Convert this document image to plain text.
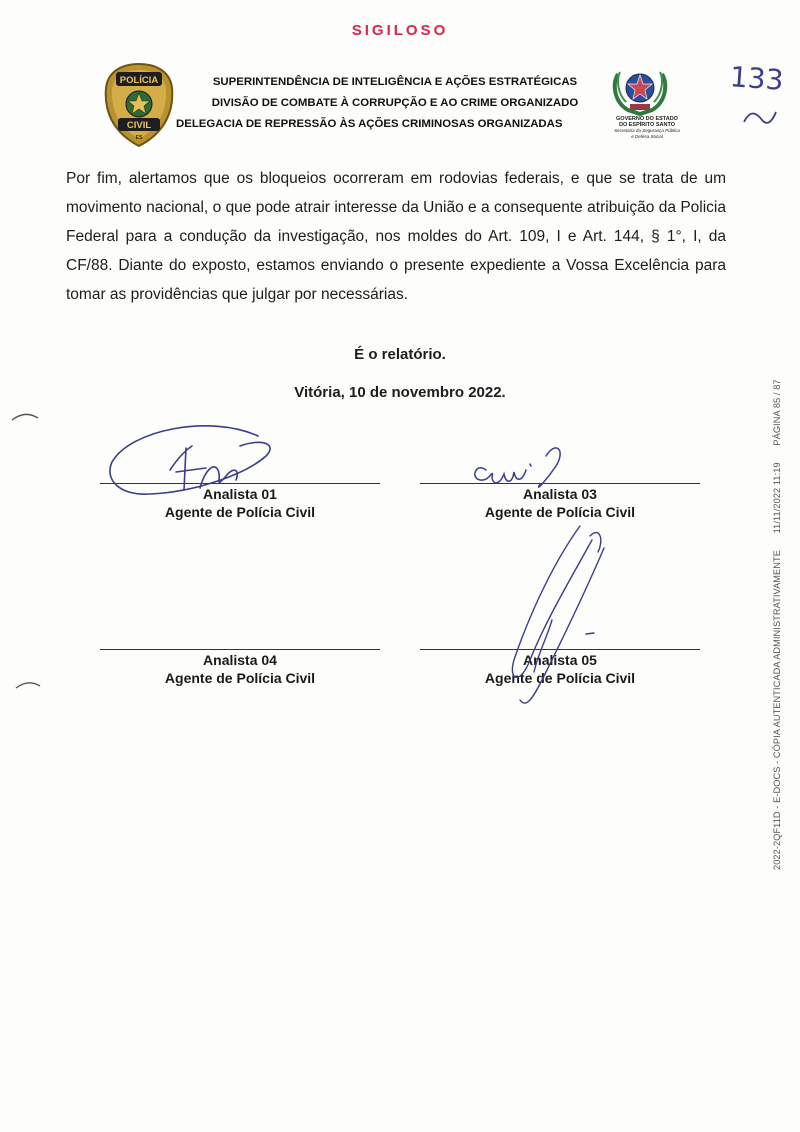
SIGILOSO
POLÍCIA
CIVIL
ES
SUPERINTENDÊNCIA DE INTELIGÊNCIA E AÇÕES ESTRATÉGICAS
DIVISÃO DE COMBATE À CORRUPÇÃO E AO CRIME ORGANIZADO
DELEGACIA DE REPRESSÃO ÀS AÇÕES CRIMINOSAS ORGANIZADAS	GOVERNO DO ESTADO
DO ESPÍRITO SANTO
Secretaria da Segurança Pública
e Defesa Social
133
Por fim, alertamos que os bloqueios ocorreram em rodovias federais, e que se trata de um movimento nacional, o que pode atrair interesse da União e a consequente atribuição da Policia Federal para a condução da investigação, nos moldes do Art. 109, I e Art. 144, § 1°, I, da CF/88. Diante do exposto, estamos enviando o presente expediente a Vossa Excelência para tomar as providências que julgar por necessárias.
É o relatório.
Vitória, 10 de novembro 2022.
Analista 01
Agente de Polícia Civil
Analista 03
Agente de Polícia Civil
Analista 04
Agente de Polícia Civil
Analista 05
Agente de Polícia Civil	2022-2QF11D - E-DOCS - CÓPIA AUTENTICADA ADMINISTRATIVAMENTE 11/11/2022 11:19 PÁGINA 85 / 87
